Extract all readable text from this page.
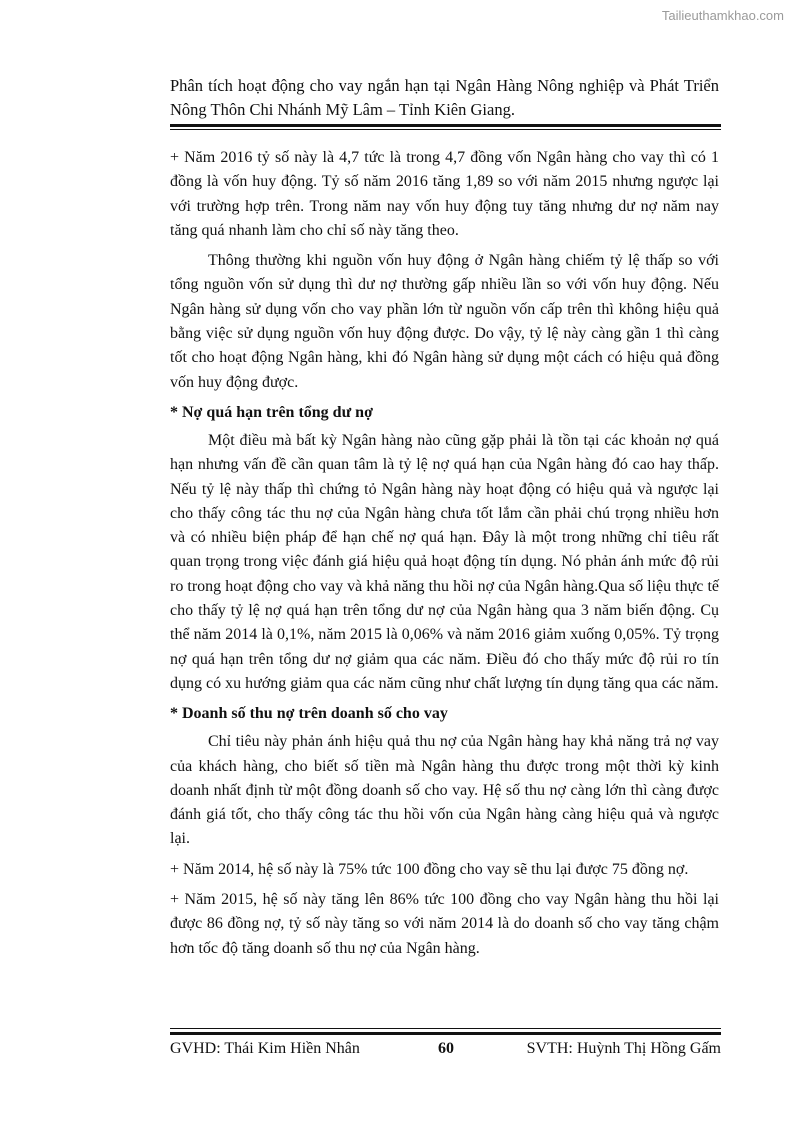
Tailieuthamkhao.com
Phân tích hoạt động cho vay ngắn hạn tại Ngân Hàng Nông nghiệp và Phát Triển Nông Thôn Chi Nhánh Mỹ Lâm – Tỉnh Kiên Giang.

+ Năm 2016 tỷ số này là 4,7 tức là trong 4,7 đồng vốn Ngân hàng cho vay thì có 1 đồng là vốn huy động. Tỷ số năm 2016 tăng 1,89 so với năm 2015 nhưng ngược lại với trường hợp trên. Trong năm nay vốn huy động tuy tăng nhưng dư nợ năm nay tăng quá nhanh làm cho chỉ số này tăng theo.

Thông thường khi nguồn vốn huy động ở Ngân hàng chiếm tỷ lệ thấp so với tổng nguồn vốn sử dụng thì dư nợ thường gấp nhiều lần so với vốn huy động. Nếu Ngân hàng sử dụng vốn cho vay phần lớn từ nguồn vốn cấp trên thì không hiệu quả bằng việc sử dụng nguồn vốn huy động được. Do vậy, tỷ lệ này càng gần 1 thì càng tốt cho hoạt động Ngân hàng, khi đó Ngân hàng sử dụng một cách có hiệu quả đồng vốn huy động được.

* Nợ quá hạn trên tổng dư nợ

Một điều mà bất kỳ Ngân hàng nào cũng gặp phải là tồn tại các khoản nợ quá hạn nhưng vấn đề cần quan tâm là tỷ lệ nợ quá hạn của Ngân hàng đó cao hay thấp. Nếu tỷ lệ này thấp thì chứng tỏ Ngân hàng này hoạt động có hiệu quả và ngược lại cho thấy công tác thu nợ của Ngân hàng chưa tốt lắm cần phải chú trọng nhiều hơn và có nhiều biện pháp để hạn chế nợ quá hạn. Đây là một trong những chỉ tiêu rất quan trọng trong việc đánh giá hiệu quả hoạt động tín dụng. Nó phản ánh mức độ rủi ro trong hoạt động cho vay và khả năng thu hồi nợ của Ngân hàng.Qua số liệu thực tế cho thấy tỷ lệ nợ quá hạn trên tổng dư nợ của Ngân hàng qua 3 năm biến động. Cụ thể năm 2014 là 0,1%, năm 2015 là 0,06% và năm 2016 giảm xuống 0,05%. Tỷ trọng nợ quá hạn trên tổng dư nợ giảm qua các năm. Điều đó cho thấy mức độ rủi ro tín dụng có xu hướng giảm qua các năm cũng như chất lượng tín dụng tăng qua các năm.

* Doanh số thu nợ trên doanh số cho vay

Chỉ tiêu này phản ánh hiệu quả thu nợ của Ngân hàng hay khả năng trả nợ vay của khách hàng, cho biết số tiền mà Ngân hàng thu được trong một thời kỳ kinh doanh nhất định từ một đồng doanh số cho vay. Hệ số thu nợ càng lớn thì càng được đánh giá tốt, cho thấy công tác thu hồi vốn của Ngân hàng càng hiệu quả và ngược lại.

+ Năm 2014, hệ số này là 75% tức 100 đồng cho vay sẽ thu lại được 75 đồng nợ.

+ Năm 2015, hệ số này tăng lên 86% tức 100 đồng cho vay Ngân hàng thu hồi lại được 86 đồng nợ, tỷ số này tăng so với năm 2014 là do doanh số cho vay tăng chậm hơn tốc độ tăng doanh số thu nợ của Ngân hàng.

GVHD: Thái Kim Hiền Nhân	60	SVTH: Huỳnh Thị Hồng Gấm
